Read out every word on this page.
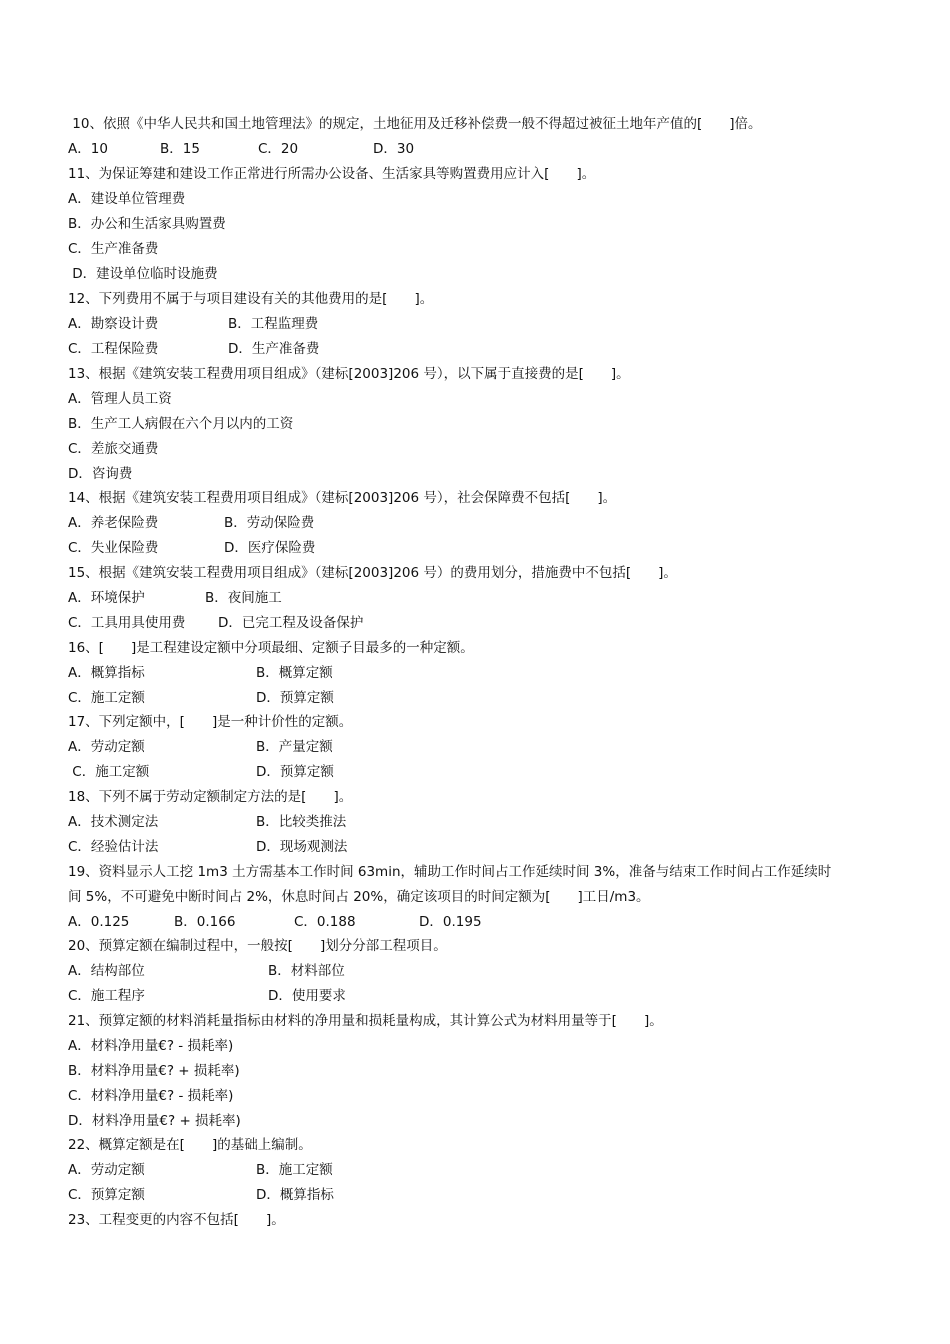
10、依照《中华人民共和国土地管理法》的规定，土地征用及迁移补偿费一般不得超过被征土地年产值的[　　]倍。

A．10

	B．15

	C．20

	D．30

11、为保证筹建和建设工作正常进行所需办公设备、生活家具等购置费用应计入[　　]。
A．建设单位管理费
B．办公和生活家具购置费
C．生产准备费
D．建设单位临时设施费
12、下列费用不属于与项目建设有关的其他费用的是[　　]。

A．勘察设计费

	B．工程监理费

C．工程保险费

	D．生产准备费

13、根据《建筑安装工程费用项目组成》（建标[2003]206 号），以下属于直接费的是[　　]。
A．管理人员工资
B．生产工人病假在六个月以内的工资
C．差旅交通费
D．咨询费
14、根据《建筑安装工程费用项目组成》（建标[2003]206 号），社会保障费不包括[　　]。

A．养老保险费

	B．劳动保险费

C．失业保险费

	D．医疗保险费

15、根据《建筑安装工程费用项目组成》（建标[2003]206 号）的费用划分，措施费中不包括[　　]。

A．环境保护

	B．夜间施工

C．工具用具使用费

D．已完工程及设备保护

16、[　　]是工程建设定额中分项最细、定额子目最多的一种定额。

A．概算指标

	B．概算定额

C．施工定额

	D．预算定额

17、下列定额中，[　　]是一种计价性的定额。

A．劳动定额

	B．产量定额

C．施工定额

	D．预算定额

18、下列不属于劳动定额制定方法的是[　　]。

A．技术测定法

	B．比较类推法

C．经验估计法

	D．现场观测法

19、资料显示人工挖 1m3 土方需基本工作时间 63min，辅助工作时间占工作延续时间 3%，准备与结束工作时间占工作延续时
间 5%，不可避免中断时间占 2%，休息时间占 20%，确定该项目的时间定额为[　　]工日/m3。

A．0.125

	B．0.166

	C．0.188

	D．0.195

20、预算定额在编制过程中，一般按[　　]划分分部工程项目。

A．结构部位

	B．材料部位

C．施工程序

	D．使用要求

21、预算定额的材料消耗量指标由材料的净用量和损耗量构成，其计算公式为材料用量等于[　　]。
A．材料净用量€? - 损耗率)
B．材料净用量€? + 损耗率)
C．材料净用量€? - 损耗率)
D．材料净用量€? + 损耗率)
22、概算定额是在[　　]的基础上编制。

A．劳动定额

	B．施工定额

C．预算定额

	D．概算指标

23、工程变更的内容不包括[　　]。
